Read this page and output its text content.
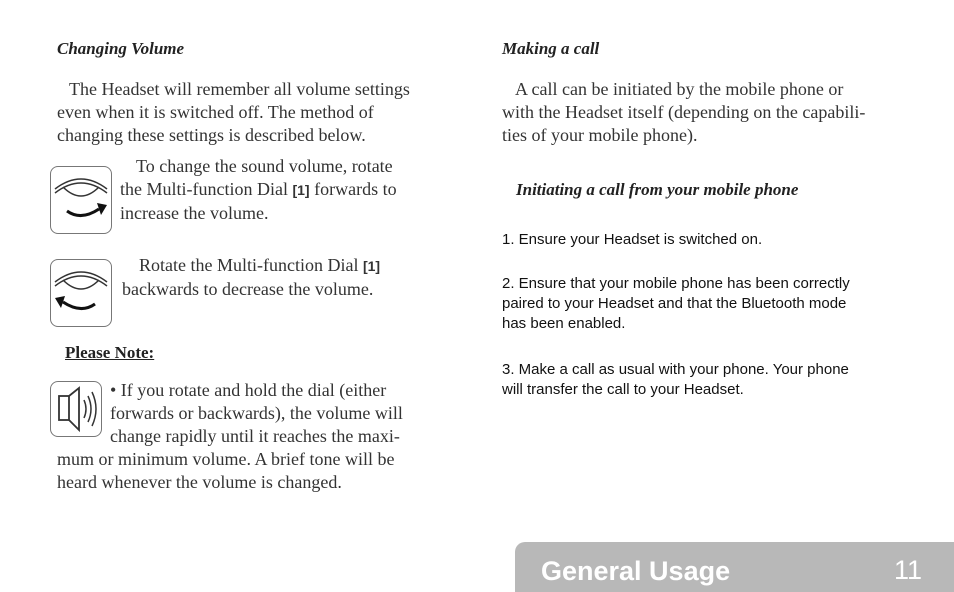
Changing Volume
The Headset will remember all volume settings
even when it is switched off. The method of
changing these settings is described below.
To change the sound volume, rotate
the Multi-function Dial [1] forwards to
increase the volume.
Rotate the Multi-function Dial [1]
backwards to decrease the volume.
Please Note:
• If you rotate and hold the dial (either
forwards or backwards), the volume will
change rapidly until it reaches the maxi-
mum or minimum volume. A brief tone will be
heard whenever the volume is changed.
Making a call
A call can be initiated by the mobile phone or
with the Headset itself (depending on the capabili-
ties of your mobile phone).
Initiating a call from your mobile phone
1. Ensure your Headset is switched on.
2. Ensure that your mobile phone has been correctly
paired to your Headset and that the Bluetooth mode
has been enabled.
3. Make a call as usual with your phone. Your phone
will transfer the call to your Headset.
General Usage	11
